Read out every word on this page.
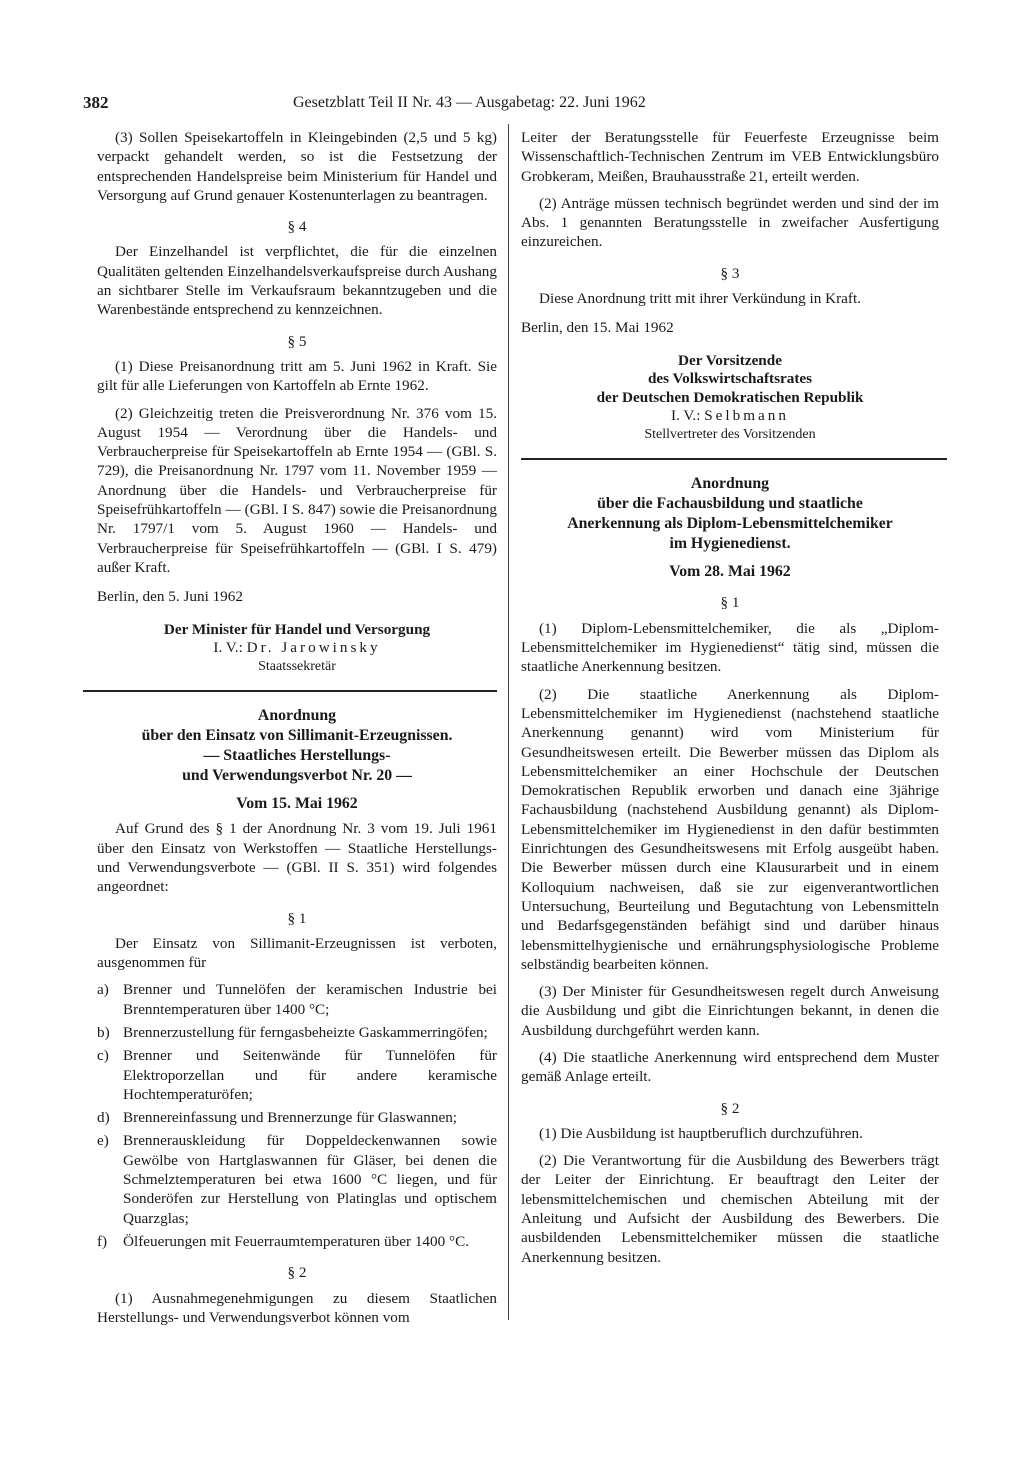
382	Gesetzblatt Teil II Nr. 43 — Ausgabetag: 22. Juni 1962

(3) Sollen Speisekartoffeln in Kleingebinden (2,5 und 5 kg) verpackt gehandelt werden, so ist die Festsetzung der entsprechenden Handelspreise beim Ministerium für Handel und Versorgung auf Grund genauer Kostenunterlagen zu beantragen.

§ 4

Der Einzelhandel ist verpflichtet, die für die einzelnen Qualitäten geltenden Einzelhandelsverkaufspreise durch Aushang an sichtbarer Stelle im Verkaufsraum bekanntzugeben und die Warenbestände entsprechend zu kennzeichnen.

§ 5

(1) Diese Preisanordnung tritt am 5. Juni 1962 in Kraft. Sie gilt für alle Lieferungen von Kartoffeln ab Ernte 1962.

(2) Gleichzeitig treten die Preisverordnung Nr. 376 vom 15. August 1954 — Verordnung über die Handels- und Verbraucherpreise für Speisekartoffeln ab Ernte 1954 — (GBl. S. 729), die Preisanordnung Nr. 1797 vom 11. November 1959 — Anordnung über die Handels- und Verbraucherpreise für Speisefrühkartoffeln — (GBl. I S. 847) sowie die Preisanordnung Nr. 1797/1 vom 5. August 1960 — Handels- und Verbraucherpreise für Speisefrühkartoffeln — (GBl. I S. 479) außer Kraft.

Berlin, den 5. Juni 1962

Der Minister für Handel und Versorgung
I. V.: Dr. Jarowinsky
Staatssekretär
Anordnung
über den Einsatz von Sillimanit-Erzeugnissen.
— Staatliches Herstellungs-
und Verwendungsverbot Nr. 20 —
Vom 15. Mai 1962

Auf Grund des § 1 der Anordnung Nr. 3 vom 19. Juli 1961 über den Einsatz von Werkstoffen — Staatliche Herstellungs- und Verwendungsverbote — (GBl. II S. 351) wird folgendes angeordnet:

§ 1

Der Einsatz von Sillimanit-Erzeugnissen ist verboten, ausgenommen für

a) Brenner und Tunnelöfen der keramischen Industrie bei Brenntemperaturen über 1400 °C;
b) Brennerzustellung für ferngasbeheizte Gaskammerringöfen;
c) Brenner und Seitenwände für Tunnelöfen für Elektroporzellan und für andere keramische Hochtemperaturöfen;
d) Brennereinfassung und Brennerzunge für Glaswannen;
e) Brennerauskleidung für Doppeldeckenwannen sowie Gewölbe von Hartglaswannen für Gläser, bei denen die Schmelztemperaturen bei etwa 1600 °C liegen, und für Sonderöfen zur Herstellung von Platinglas und optischem Quarzglas;
f) Ölfeuerungen mit Feuerraumtemperaturen über 1400 °C.
§ 2

(1) Ausnahmegenehmigungen zu diesem Staatlichen Herstellungs- und Verwendungsverbot können vom

Leiter der Beratungsstelle für Feuerfeste Erzeugnisse beim Wissenschaftlich-Technischen Zentrum im VEB Entwicklungsbüro Grobkeram, Meißen, Brauhausstraße 21, erteilt werden.

(2) Anträge müssen technisch begründet werden und sind der im Abs. 1 genannten Beratungsstelle in zweifacher Ausfertigung einzureichen.

§ 3

Diese Anordnung tritt mit ihrer Verkündung in Kraft.

Berlin, den 15. Mai 1962

Der Vorsitzende
des Volkswirtschaftsrates
der Deutschen Demokratischen Republik
I. V.: Selbmann
Stellvertreter des Vorsitzenden
Anordnung
über die Fachausbildung und staatliche
Anerkennung als Diplom-Lebensmittelchemiker
im Hygienedienst.
Vom 28. Mai 1962
§ 1

(1) Diplom-Lebensmittelchemiker, die als „Diplom-Lebensmittelchemiker im Hygienedienst“ tätig sind, müssen die staatliche Anerkennung besitzen.

(2) Die staatliche Anerkennung als Diplom-Lebensmittelchemiker im Hygienedienst (nachstehend staatliche Anerkennung genannt) wird vom Ministerium für Gesundheitswesen erteilt. Die Bewerber müssen das Diplom als Lebensmittelchemiker an einer Hochschule der Deutschen Demokratischen Republik erworben und danach eine 3jährige Fachausbildung (nachstehend Ausbildung genannt) als Diplom-Lebensmittelchemiker im Hygienedienst in den dafür bestimmten Einrichtungen des Gesundheitswesens mit Erfolg ausgeübt haben. Die Bewerber müssen durch eine Klausurarbeit und in einem Kolloquium nachweisen, daß sie zur eigenverantwortlichen Untersuchung, Beurteilung und Begutachtung von Lebensmitteln und Bedarfsgegenständen befähigt sind und darüber hinaus lebensmittelhygienische und ernährungsphysiologische Probleme selbständig bearbeiten können.

(3) Der Minister für Gesundheitswesen regelt durch Anweisung die Ausbildung und gibt die Einrichtungen bekannt, in denen die Ausbildung durchgeführt werden kann.

(4) Die staatliche Anerkennung wird entsprechend dem Muster gemäß Anlage erteilt.

§ 2

(1) Die Ausbildung ist hauptberuflich durchzuführen.

(2) Die Verantwortung für die Ausbildung des Bewerbers trägt der Leiter der Einrichtung. Er beauftragt den Leiter der lebensmittelchemischen und chemischen Abteilung mit der Anleitung und Aufsicht der Ausbildung des Bewerbers. Die ausbildenden Lebensmittelchemiker müssen die staatliche Anerkennung besitzen.
